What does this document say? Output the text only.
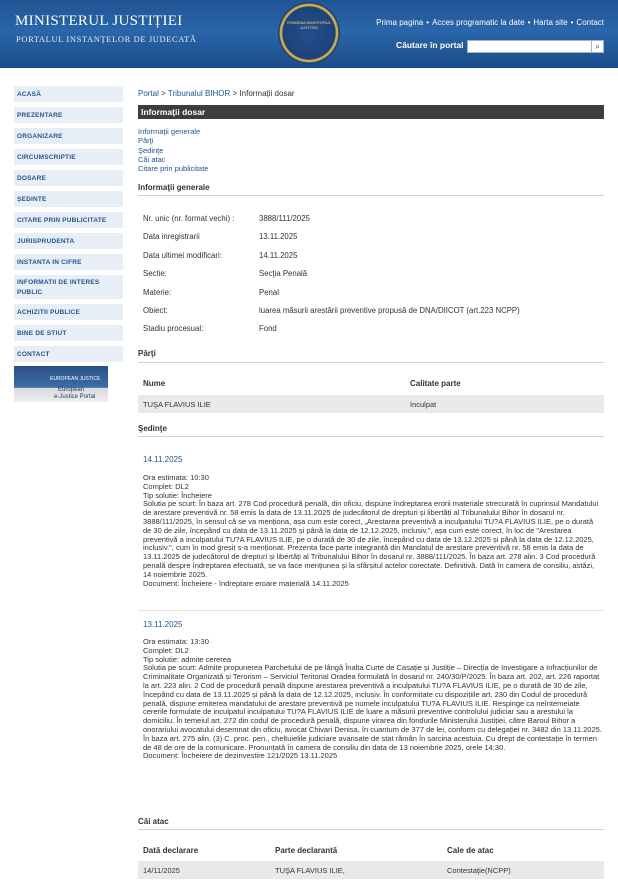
MINISTERUL JUSTIȚIEI
PORTALUL INSTANȚELOR DE JUDECATĂ
ROMÂNIA MINISTERUL JUSTIȚIEI
Prima pagina • Acces programatic la date • Harta site • Contact
Căutare în portal	⌕
ACASĂ
PREZENTARE
ORGANIZARE
CIRCUMSCRIPTIE
DOSARE
ȘEDINTE
CITARE PRIN PUBLICITATE
JURISPRUDENTA
INSTANTA IN CIFRE
INFORMATII DE INTERES PUBLIC
ACHIZITII PUBLICE
BINE DE STIUT
CONTACT
EUROPEAN JUSTICE
European
e-Justice Portal
Portal > Tribunalul BIHOR > Informații dosar
Informaţii dosar
Informaţii generale
Părţi
Şedinţe
Căi atac
Citare prin publicitate
Informaţii generale
Nr. unic (nr. format vechi) :	3888/111/2025
Data inregistrarii	13.11.2025
Data ultimei modificari:	14.11.2025
Sectie:	Secţia Penală
Materie:	Penal
Obiect:	luarea măsurii arestării preventive propusă de DNA/DIICOT (art.223 NCPP)
Stadiu procesual:	Fond
Părţi
Nume	Calitate parte
TUŞA FLAVIUS ILIE	Inculpat
Şedinţe
14.11.2025
Ora estimata: 10:30
Complet: DL2
Tip solutie: Încheiere
Solutia pe scurt: În baza art. 278 Cod procedură penală, din oficiu, dispune îndreptarea erorii materiale strecurată în cuprinsul Mandatului de arestare preventivă nr. 58 emis la data de 13.11.2025 de judecătorul de drepturi și libertăți al Tribunalului Bihor în dosarul nr. 3888/111/2025, în sensul că se va menționa, așa cum este corect, „Arestarea preventivă a inculpatului TU?A FLAVIUS ILIE, pe o durată de 30 de zile, începând cu data de 13.11.2025 și până la data de 12.12.2025, inclusiv.”, așa cum este corect, în loc de "Arestarea preventivă a inculpatului TU?A FLAVIUS ILIE, pe o durată de 30 de zile, începând cu data de 13.12.2025 și până la data de 12.12.2025, inclusiv.", cum în mod greșit s-a menționat. Prezenta face parte integrantă din Mandatul de arestare preventivă nr. 58 emis la data de 13.11.2025 de judecătorul de drepturi și libertăți al Tribunalului Bihor în dosarul nr. 3888/111/2025. În baza art. 278 alin. 3 Cod procedură penală despre îndreptarea efectuată, se va face mențiunea și la sfârșitul actelor corectate. Definitivă. Dată în camera de consiliu, astăzi, 14 noiembrie 2025.
Document: Încheiere - îndreptare eroare materială 14.11.2025
13.11.2025
Ora estimata: 13:30
Complet: DL2
Tip solutie: admite cererea
Solutia pe scurt: Admite propunerea Parchetului de pe lângă Înalta Curte de Casație și Justiție – Direcția de Investigare a Infracțiunilor de Criminalitate Organizată și Terorism – Serviciul Teritorial Oradea formulată în dosarul nr. 240/30/P/2025. În baza art. 202, art. 226 raportat la art. 223 alin. 2 Cod de procedură penală dispune arestarea preventivă a inculpatului TU?A FLAVIUS ILIE, pe o durată de 30 de zile, începând cu data de 13.11.2025 și până la data de 12.12.2025, inclusiv. În conformitate cu dispozițiile art. 230 din Codul de procedură penală, dispune emiterea mandatului de arestare preventivă pe numele inculpatului TU?A FLAVIUS ILIE. Respinge ca neîntemeiate cererile formulate de inculpatul inculpatului TU?A FLAVIUS ILIE de luare a măsurii preventive controlului judiciar sau a arestului la domiciliu. În temeiul art. 272 din codul de procedură penală, dispune virarea din fondurile Ministerului Justiției, către Baroul Bihor a onorariului avocatului desemnat din oficiu, avocat Chivari Denisa, în cuantum de 377 de lei, conform cu delegației nr. 3482 din 13.11.2025. În baza art. 275 alin. (3) C. proc. pen., cheltuielile judiciare avansate de stat rămân în sarcina acestuia. Cu drept de contestație în termen de 48 de ore de la comunicare. Pronunțată în camera de consiliu din data de 13 noiembrie 2025, orele 14:30.
Document: Încheiere de dezinvestire 121/2025 13.11.2025
Căi atac
Dată declarare	Parte declarantă	Cale de atac
14/11/2025	TUŞA FLAVIUS ILIE,	Contestaţie(NCPP)
